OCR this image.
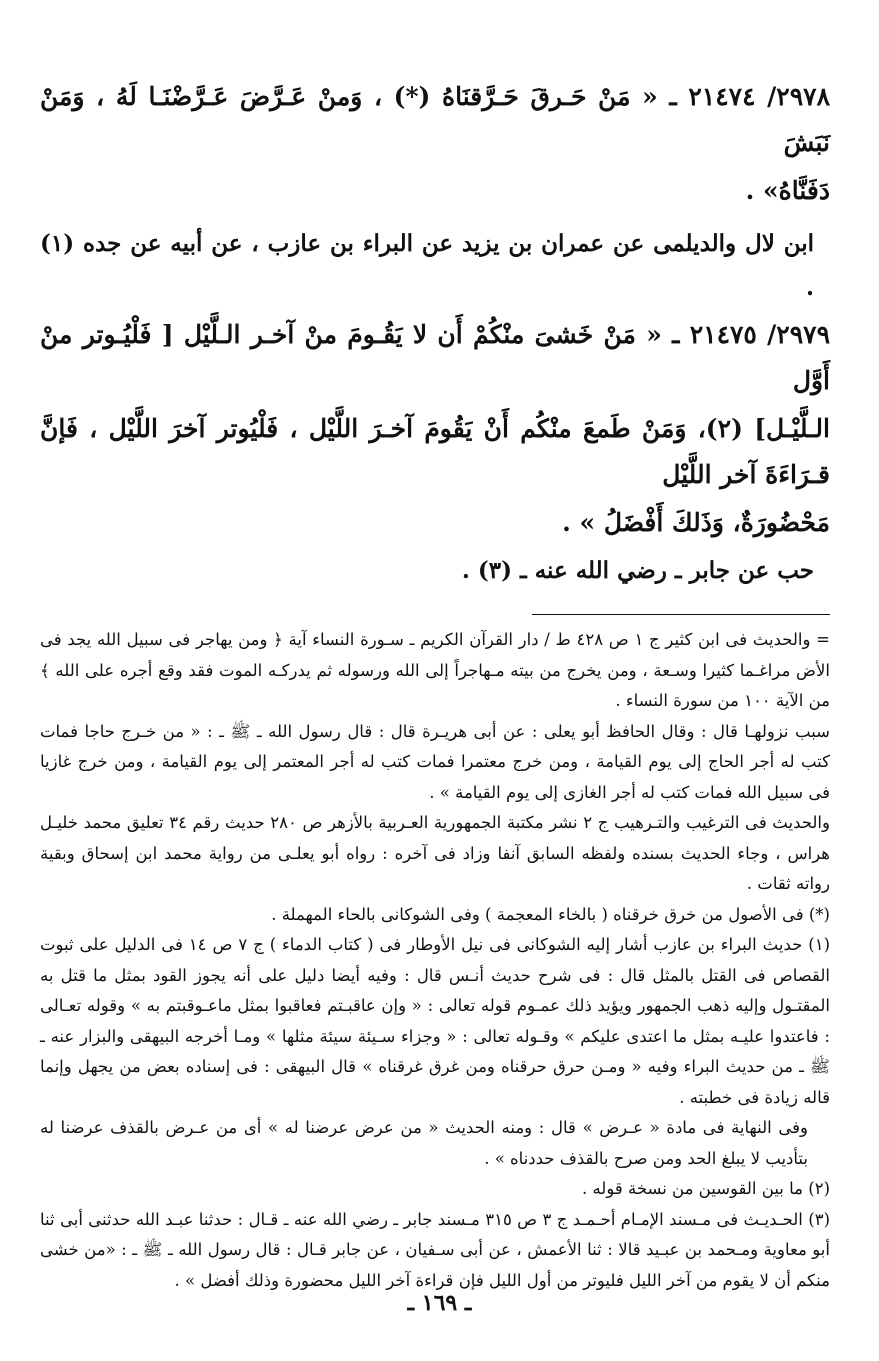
٢٩٧٨/ ٢١٤٧٤ ـ « مَنْ حَـرقَ حَـرَّقنَاهُ (*) ، وَمنْ عَـرَّضَ عَـرَّضْنَـا لَهُ ، وَمَنْ نَبَشَ

دَفَنَّاهُ» .

ابن لال والديلمى عن عمران بن يزيد عن البراء بن عازب ، عن أبيه عن جده (١) .

٢٩٧٩/ ٢١٤٧٥ ـ « مَنْ خَشىَ منْكُمْ أَن لا يَقُـومَ منْ آخـر الـلَّيْل [ فَلْيُـوتر منْ أَوَّل

الـلَّيْـل] (٢)، وَمَنْ طَمعَ منْكُم أَنْ يَقُومَ آخـرَ اللَّيْل ، فَلْيُوتر آخرَ اللَّيْل ، فَإنَّ قـرَاءَةَ آخر اللَّيْل

مَحْضُورَةٌ، وَذَلكَ أَفْضَلُ » .

حب عن جابر ـ رضي الله عنه ـ (٣) .

= والحديث فى ابن كثير ج ١ ص ٤٢٨ ط / دار القرآن الكريم ـ سـورة النساء آية ﴿ ومن يهاجر فى سبيل الله يجد فى الأض مراغـما كثيرا وسـعة ، ومن يخرج من بيته مـهاجراً إلى الله ورسوله ثم يدركـه الموت فقد وقع أجره على الله ﴾من الآية ١٠٠ من سورة النساء .

سبب نزولهـا قال : وقال الحافظ أبو يعلى : عن أبى هريـرة قال : قال رسول الله ـ ﷺ ـ : « من خـرج حاجا فمات كتب له أجر الحاج إلى يوم القيامة ، ومن خرج معتمرا فمات كتب له أجر المعتمر إلى يوم القيامة ، ومن خرج غازيا فى سبيل الله فمات كتب له أجر الغازى إلى يوم القيامة » .

والحديث فى الترغيب والتـرهيب ج ٢ نشر مكتبة الجمهورية العـربية بالأزهر ص ٢٨٠ حديث رقم ٣٤ تعليق محمد خليـل هراس ، وجاء الحديث بسنده ولفظه السابق آنفا وزاد فى آخره : رواه أبو يعلـى من رواية محمد ابن إسحاق وبقية رواته ثقات .

(*) فى الأصول من خرق خرقناه ( بالخاء المعجمة ) وفى الشوكانى بالحاء المهملة .

(١) حديث البراء بن عازب أشار إليه الشوكانى فى نيل الأوطار فى ( كتاب الدماء ) ج ٧ ص ١٤ فى الدليل على ثبوت القصاص فى القتل بالمثل قال : فى شرح حديث أنـس قال : وفيه أيضا دليل على أنه يجوز القود بمثل ما قتل به المقتـول وإليه ذهب الجمهور ويؤيد ذلك عمـوم قوله تعالى : « وإن عاقبـتم فعاقبوا بمثل ماعـوقبتم به » وقوله تعـالى : فاعتدوا عليـه بمثل ما اعتدى عليكم » وقـوله تعالى : « وجزاء سـيئة سيئة مثلها » ومـا أخرجه البيهقى والبزار عنه ـ ﷺ ـ من حديث البراء وفيه « ومـن حرق حرقناه ومن غرق غرقناه » قال البيهقى : فى إسناده بعض من يجهل وإنما قاله زيادة فى خطبته .

وفى النهاية فى مادة « عـرض » قال : ومنه الحديث « من عرض عرضنا له » أى من عـرض بالقذف عرضنا له بتأديب لا يبلغ الحد ومن صرح بالقذف حددناه » .

(٢) ما بين القوسين من نسخة قوله .

(٣) الحـديـث فى مـسند الإمـام أحـمـد ج ٣ ص ٣١٥ مـسند جابر ـ رضي الله عنه ـ قـال : حدثنا عبـد الله حدثنى أبى ثنا أبو معاوية ومـحمد بن عبـيد قالا : ثنا الأعمش ، عن أبى سـفيان ، عن جابر قـال : قال رسول الله ـ ﷺ ـ : «من خشى منكم أن لا يقوم من آخر الليل فليوتر من أول الليل فإن قراءة آخر الليل محضورة وذلك أفضل » .

ـ ١٦٩ ـ
